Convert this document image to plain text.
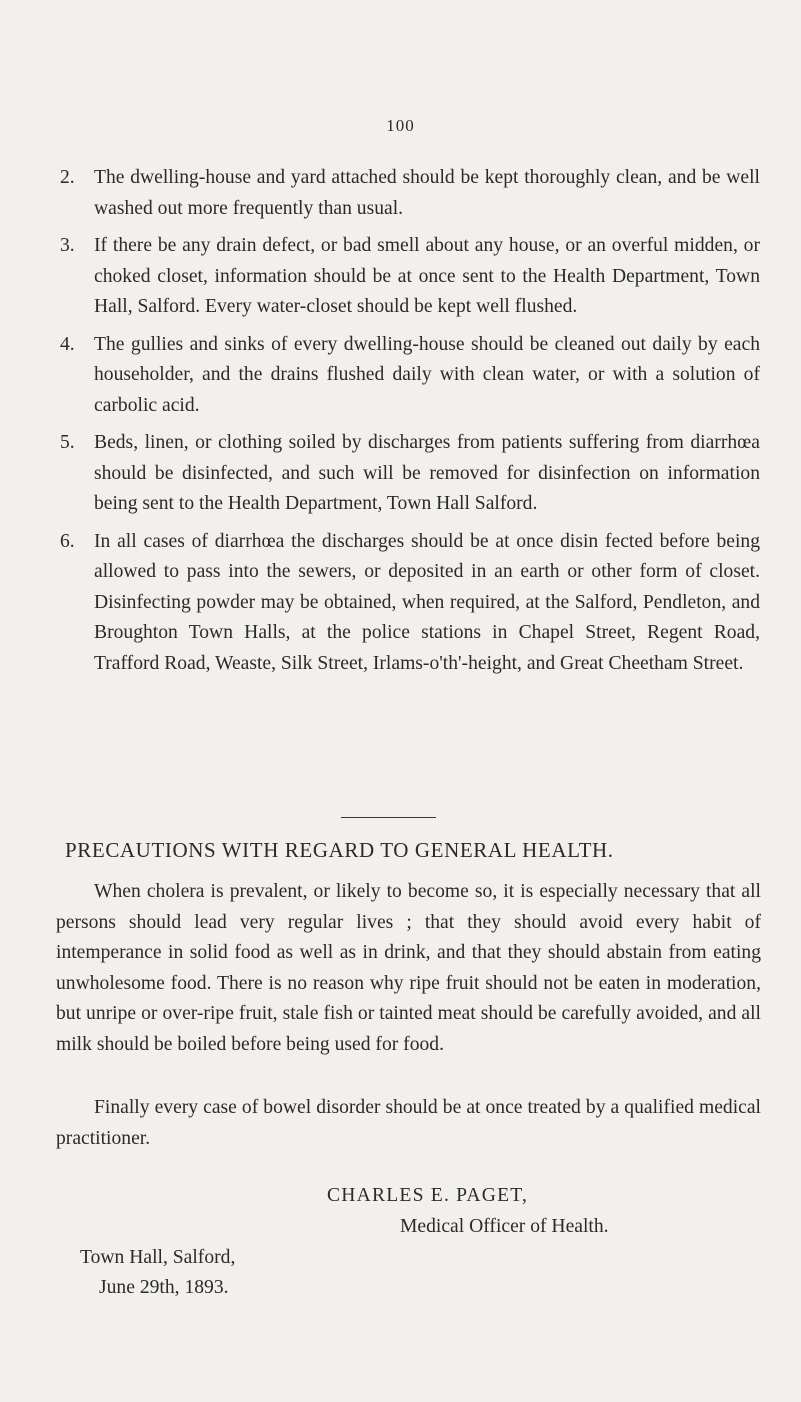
100
2. The dwelling-house and yard attached should be kept thoroughly clean, and be well washed out more frequently than usual.
3. If there be any drain defect, or bad smell about any house, or an overful midden, or choked closet, information should be at once sent to the Health Department, Town Hall, Salford. Every water-closet should be kept well flushed.
4. The gullies and sinks of every dwelling-house should be cleaned out daily by each householder, and the drains flushed daily with clean water, or with a solution of carbolic acid.
5. Beds, linen, or clothing soiled by discharges from patients suffering from diarrhœa should be disinfected, and such will be removed for disinfection on information being sent to the Health Department, Town Hall Salford.
6. In all cases of diarrhœa the discharges should be at once disin fected before being allowed to pass into the sewers, or deposited in an earth or other form of closet. Disinfecting powder may be obtained, when required, at the Salford, Pendleton, and Broughton Town Halls, at the police stations in Chapel Street, Regent Road, Trafford Road, Weaste, Silk Street, Irlams-o'th'-height, and Great Cheetham Street.
PRECAUTIONS WITH REGARD TO GENERAL HEALTH.

When cholera is prevalent, or likely to become so, it is especially necessary that all persons should lead very regular lives ; that they should avoid every habit of intemperance in solid food as well as in drink, and that they should abstain from eating unwholesome food. There is no reason why ripe fruit should not be eaten in moderation, but unripe or over-ripe fruit, stale fish or tainted meat should be carefully avoided, and all milk should be boiled before being used for food.

Finally every case of bowel disorder should be at once treated by a qualified medical practitioner.

CHARLES E. PAGET,
Medical Officer of Health.
Town Hall, Salford,
June 29th, 1893.
